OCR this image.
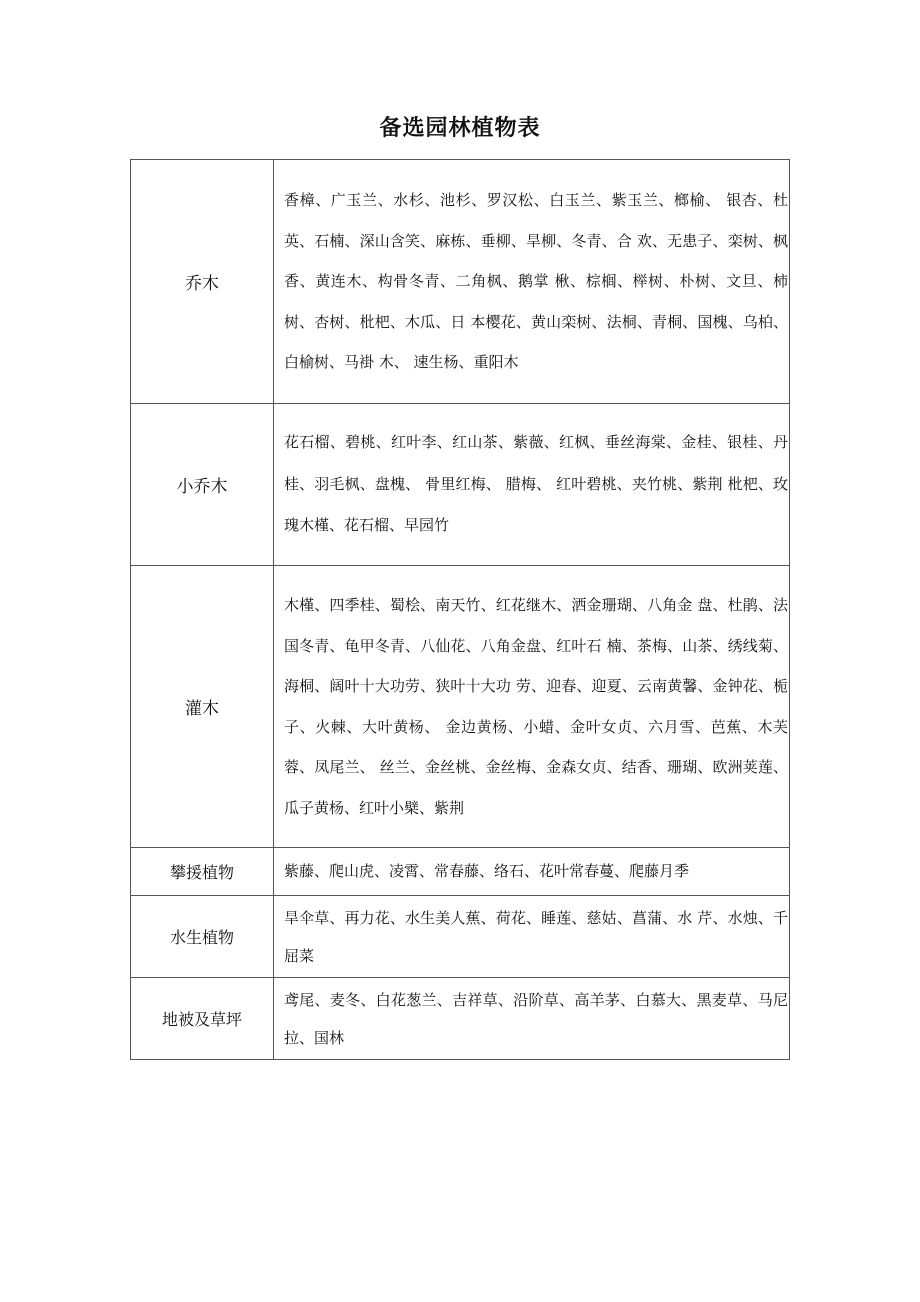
备选园林植物表
乔木	香樟、广玉兰、水杉、池杉、罗汉松、白玉兰、紫玉兰、榔榆、 银杏、杜英、石楠、深山含笑、麻栋、垂柳、旱柳、冬青、合 欢、无患子、栾树、枫香、黄连木、构骨冬青、二角枫、鹅掌 楸、棕榈、榉树、朴树、文旦、柿树、杏树、枇杷、木瓜、日 本樱花、黄山栾树、法桐、青桐、国槐、乌柏、白榆树、马褂 木、 速生杨、重阳木
小乔木	花石榴、碧桃、红叶李、红山茶、紫薇、红枫、垂丝海棠、金桂、银桂、丹桂、羽毛枫、盘槐、 骨里红梅、 腊梅、 红叶碧桃、夹竹桃、紫荆 枇杷、玫瑰木槿、花石榴、早园竹
灌木	木槿、四季桂、蜀桧、南天竹、红花继木、洒金珊瑚、八角金 盘、杜鹃、法国冬青、龟甲冬青、八仙花、八角金盘、红叶石 楠、茶梅、山茶、绣线菊、海桐、阔叶十大功劳、狭叶十大功 劳、迎春、迎夏、云南黄馨、金钟花、栀子、火棘、大叶黄杨、 金边黄杨、小蜡、金叶女贞、六月雪、芭蕉、木芙蓉、凤尾兰、 丝兰、金丝桃、金丝梅、金森女贞、结香、珊瑚、欧洲荚莲、 瓜子黄杨、红叶小檗、紫荆
攀援植物	紫藤、爬山虎、凌霄、常春藤、络石、花叶常春蔓、爬藤月季
水生植物	旱伞草、再力花、水生美人蕉、荷花、睡莲、慈姑、菖蒲、水 芹、水烛、千屈菜
地被及草坪	鸢尾、麦冬、白花葱兰、吉祥草、沿阶草、高羊茅、白慕大、黑麦草、马尼拉、国林
